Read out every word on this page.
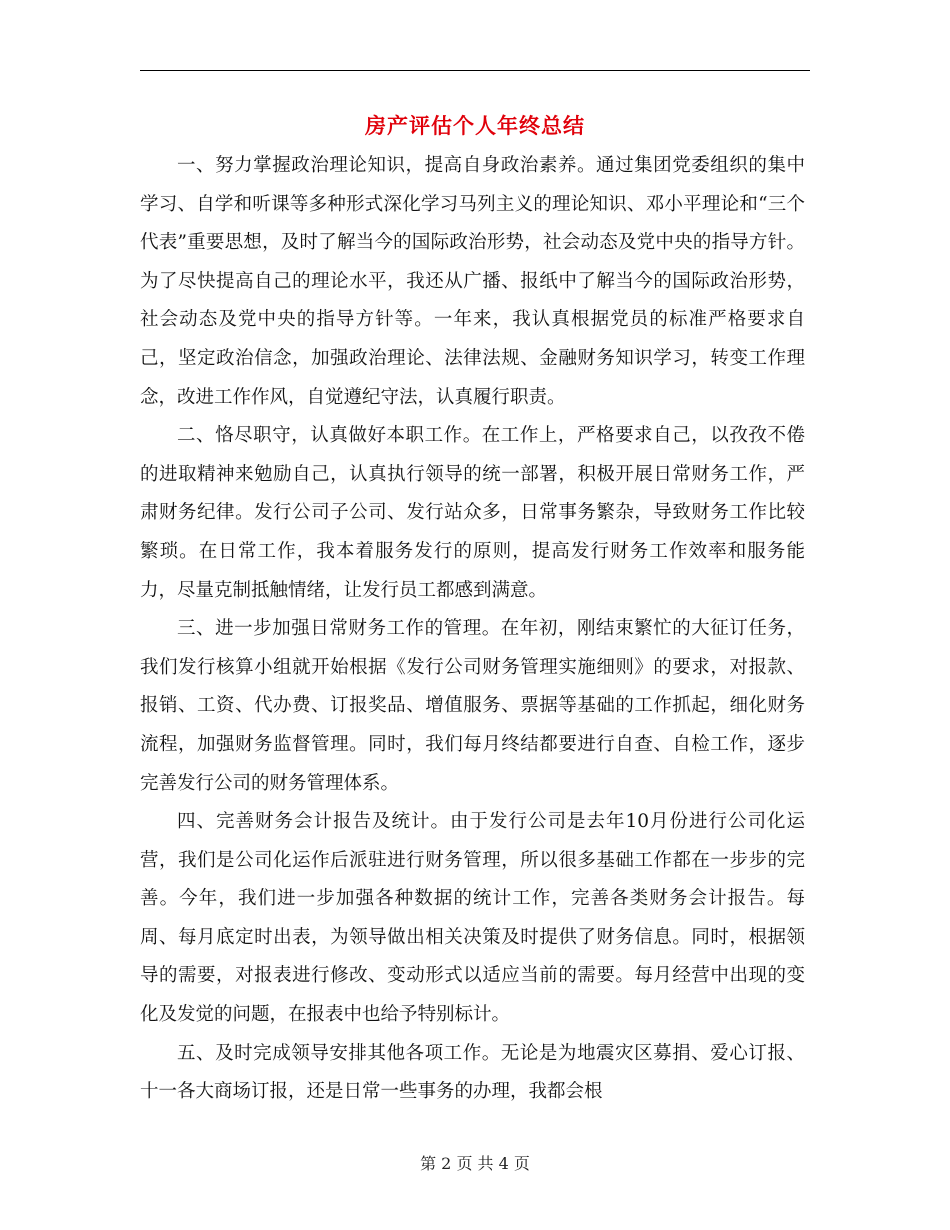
房产评估个人年终总结

一、努力掌握政治理论知识，提高自身政治素养。通过集团党委组织的集中学习、自学和听课等多种形式深化学习马列主义的理论知识、邓小平理论和“三个代表”重要思想，及时了解当今的国际政治形势，社会动态及党中央的指导方针。为了尽快提高自己的理论水平，我还从广播、报纸中了解当今的国际政治形势，社会动态及党中央的指导方针等。一年来，我认真根据党员的标准严格要求自己，坚定政治信念，加强政治理论、法律法规、金融财务知识学习，转变工作理念，改进工作作风，自觉遵纪守法，认真履行职责。

二、恪尽职守，认真做好本职工作。在工作上，严格要求自己，以孜孜不倦的进取精神来勉励自己，认真执行领导的统一部署，积极开展日常财务工作，严肃财务纪律。发行公司子公司、发行站众多，日常事务繁杂，导致财务工作比较繁琐。在日常工作，我本着服务发行的原则，提高发行财务工作效率和服务能力，尽量克制抵触情绪，让发行员工都感到满意。

三、进一步加强日常财务工作的管理。在年初，刚结束繁忙的大征订任务，我们发行核算小组就开始根据《发行公司财务管理实施细则》的要求，对报款、报销、工资、代办费、订报奖品、增值服务、票据等基础的工作抓起，细化财务流程，加强财务监督管理。同时，我们每月终结都要进行自查、自检工作，逐步完善发行公司的财务管理体系。

四、完善财务会计报告及统计。由于发行公司是去年10月份进行公司化运营，我们是公司化运作后派驻进行财务管理，所以很多基础工作都在一步步的完善。今年，我们进一步加强各种数据的统计工作，完善各类财务会计报告。每周、每月底定时出表，为领导做出相关决策及时提供了财务信息。同时，根据领导的需要，对报表进行修改、变动形式以适应当前的需要。每月经营中出现的变化及发觉的问题，在报表中也给予特别标计。

五、及时完成领导安排其他各项工作。无论是为地震灾区募捐、爱心订报、十一各大商场订报，还是日常一些事务的办理，我都会根

第 2 页 共 4 页
